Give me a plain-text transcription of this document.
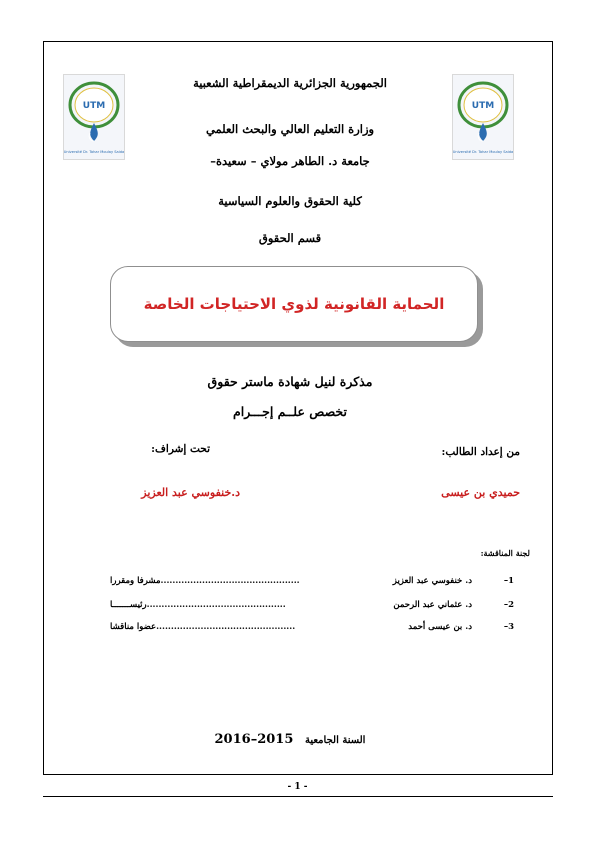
UTM
Université Dr. Tahar Moulay Saida
UTM
Université Dr. Tahar Moulay Saida
الجمهورية الجزائرية الديمقراطية الشعبية
وزارة التعليم العالي والبحث العلمي
جامعة د. الطاهر مولاي – سعيدة–
كلية الحقوق والعلوم السياسية
قسم الحقوق
الحماية القانونية لذوي الاحتياجات الخاصة
مذكرة لنيل شهادة ماستر حقوق
تخصص علــم إجـــرام
من إعداد الطالب:
تحت إشراف:
حميدي بن عيسى
د.خنفوسي عبد العزيز
لجنة المناقشة:
1–
د. خنفوسي عبد العزيز
...............................................مشرفا ومقررا
2–
د. عثماني عبد الرحمن
...............................................رئيســـــــا
3–
د. بن عيسى أحمد
...............................................عضوا مناقشا
السنة الجامعية 2015–2016
- 1 -
